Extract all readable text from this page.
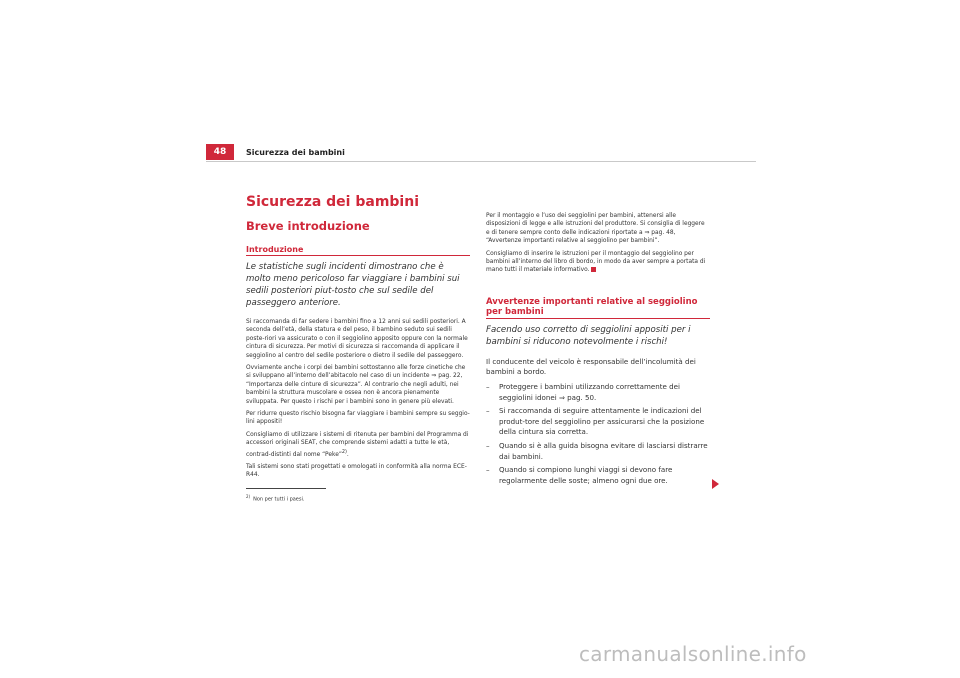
48	Sicurezza dei bambini
Sicurezza dei bambini
Breve introduzione
Introduzione
Le statistiche sugli incidenti dimostrano che è molto meno pericoloso far viaggiare i bambini sui sedili posteriori piut-tosto che sul sedile del passeggero anteriore.

Si raccomanda di far sedere i bambini fino a 12 anni sui sedili posteriori. A seconda dell’età, della statura e del peso, il bambino seduto sui sedili poste-riori va assicurato o con il seggiolino apposito oppure con la normale cintura di sicurezza. Per motivi di sicurezza si raccomanda di applicare il seggiolino al centro del sedile posteriore o dietro il sedile del passeggero.

Ovviamente anche i corpi dei bambini sottostanno alle forze cinetiche che si sviluppano all’interno dell’abitacolo nel caso di un incidente ⇒ pag. 22, “Importanza delle cinture di sicurezza”. Al contrario che negli adulti, nei bambini la struttura muscolare e ossea non è ancora pienamente sviluppata. Per questo i rischi per i bambini sono in genere più elevati.

Per ridurre questo rischio bisogna far viaggiare i bambini sempre su seggio-lini appositi!

Consigliamo di utilizzare i sistemi di ritenuta per bambini del Programma di accessori originali SEAT, che comprende sistemi adatti a tutte le età, contrad-distinti dal nome “Peke”$^{2)}$.

Tali sistemi sono stati progettati e omologati in conformità alla norma ECE-R44.

$^{2)}$Non per tutti i paesi.

Per il montaggio e l’uso dei seggiolini per bambini, attenersi alle disposizioni di legge e alle istruzioni del produttore. Si consiglia di leggere e di tenere sempre conto delle indicazioni riportate a ⇒ pag. 48, “Avvertenze importanti relative al seggiolino per bambini”.

Consigliamo di inserire le istruzioni per il montaggio del seggiolino per bambini all’interno del libro di bordo, in modo da aver sempre a portata di mano tutti il materiale informativo.

Avvertenze importanti relative al seggiolino per bambini
Facendo uso corretto di seggiolini appositi per i bambini si riducono notevolmente i rischi!

Il conducente del veicolo è responsabile dell’incolumità dei bambini a bordo.

– Proteggere i bambini utilizzando correttamente dei seggiolini idonei ⇒ pag. 50.
– Si raccomanda di seguire attentamente le indicazioni del produt-tore del seggiolino per assicurarsi che la posizione della cintura sia corretta.
– Quando si è alla guida bisogna evitare di lasciarsi distrarre dai bambini.
– Quando si compiono lunghi viaggi si devono fare regolarmente delle soste; almeno ogni due ore.
carmanualsonline.info
